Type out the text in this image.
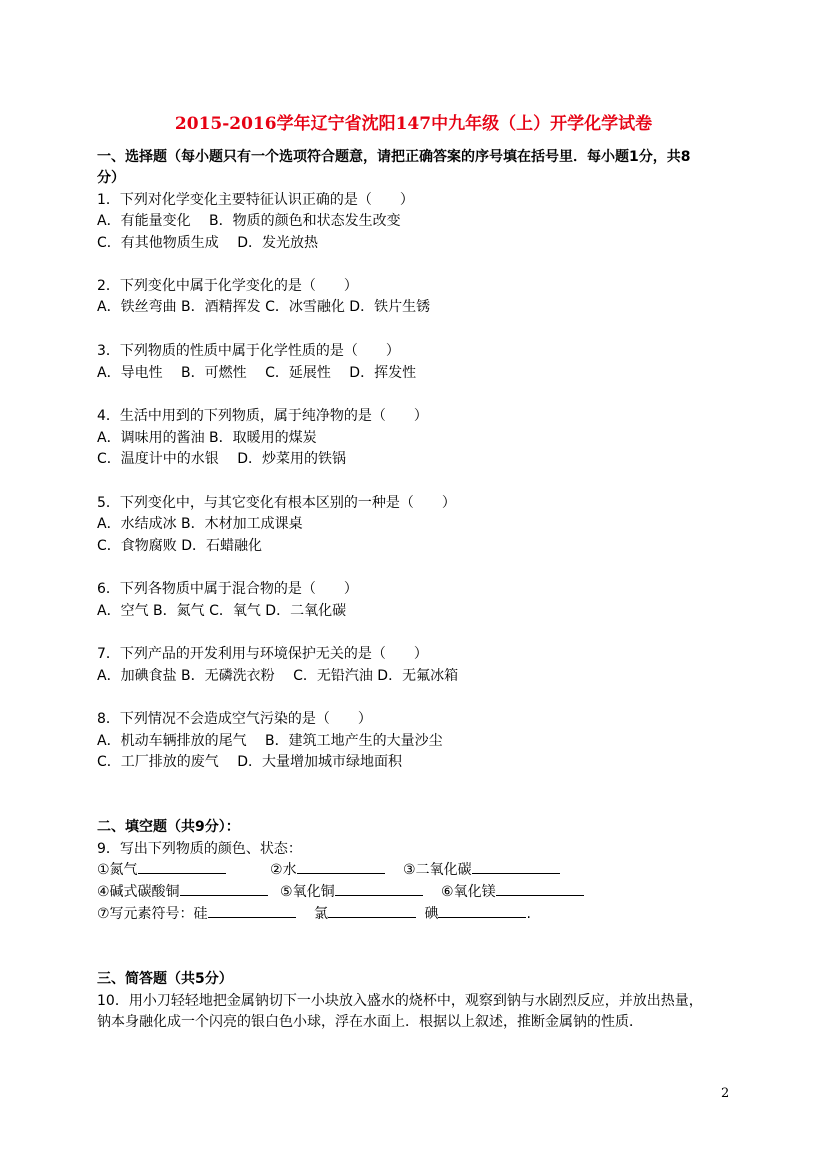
2015-2016学年辽宁省沈阳147中九年级（上）开学化学试卷
一、选择题（每小题只有一个选项符合题意，请把正确答案的序号填在括号里．每小题1分，共8
分）
1．下列对化学变化主要特征认识正确的是（　　）
A．有能量变化　 B．物质的颜色和状态发生改变
C．有其他物质生成　 D．发光放热
2．下列变化中属于化学变化的是（　　）
A．铁丝弯曲 B．酒精挥发 C．冰雪融化 D．铁片生锈
3．下列物质的性质中属于化学性质的是（　　）
A．导电性　 B．可燃性　 C．延展性　 D．挥发性
4．生活中用到的下列物质，属于纯净物的是（　　）
A．调味用的酱油 B．取暖用的煤炭
C．温度计中的水银　 D．炒菜用的铁锅
5．下列变化中，与其它变化有根本区别的一种是（　　）
A．水结成冰 B．木材加工成课桌
C．食物腐败 D．石蜡融化
6．下列各物质中属于混合物的是（　　）
A．空气 B．氮气 C．氧气 D．二氧化碳
7．下列产品的开发利用与环境保护无关的是（　　）
A．加碘食盐 B．无磷洗衣粉　 C．无铅汽油 D．无氟冰箱
8．下列情况不会造成空气污染的是（　　）
A．机动车辆排放的尾气　 B．建筑工地产生的大量沙尘
C．工厂排放的废气　 D．大量增加城市绿地面积
二、填空题（共9分）：
9．写出下列物质的颜色、状态：
①氮气	②水	③二氧化碳
④碱式碳酸铜	⑤氧化铜	⑥氧化镁
⑦写元素符号：硅	氯	碘	.
三、简答题（共5分）
10．用小刀轻轻地把金属钠切下一小块放入盛水的烧杯中，观察到钠与水剧烈反应，并放出热量，
钠本身融化成一个闪亮的银白色小球，浮在水面上．根据以上叙述，推断金属钠的性质．
2
